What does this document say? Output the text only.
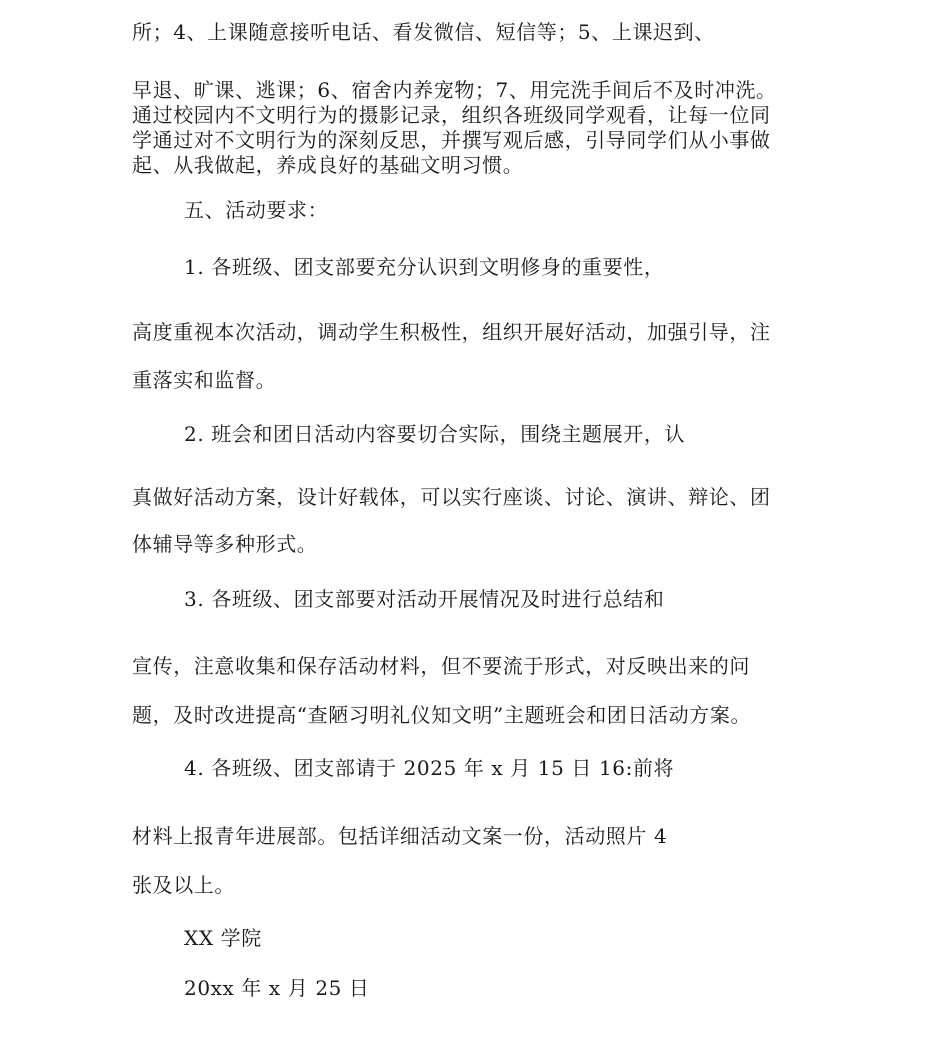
所；4、上课随意接听电话、看发微信、短信等；5、上课迟到、
早退、旷课、逃课；6、宿舍内养宠物；7、用完洗手间后不及时冲洗。
通过校园内不文明行为的摄影记录，组织各班级同学观看，让每一位同
学通过对不文明行为的深刻反思，并撰写观后感，引导同学们从小事做
起、从我做起，养成良好的基础文明习惯。
五、活动要求：
1. 各班级、团支部要充分认识到文明修身的重要性，
高度重视本次活动，调动学生积极性，组织开展好活动，加强引导，注
重落实和监督。
2. 班会和团日活动内容要切合实际，围绕主题展开，认
真做好活动方案，设计好载体，可以实行座谈、讨论、演讲、辩论、团
体辅导等多种形式。
3. 各班级、团支部要对活动开展情况及时进行总结和
宣传，注意收集和保存活动材料，但不要流于形式，对反映出来的问
题，及时改进提高“查陋习明礼仪知文明”主题班会和团日活动方案。
4. 各班级、团支部请于 2025 年 x 月 15 日 16:前将
材料上报青年进展部。包括详细活动文案一份，活动照片 4
张及以上。
XX 学院
20xx 年 x 月 25 日
